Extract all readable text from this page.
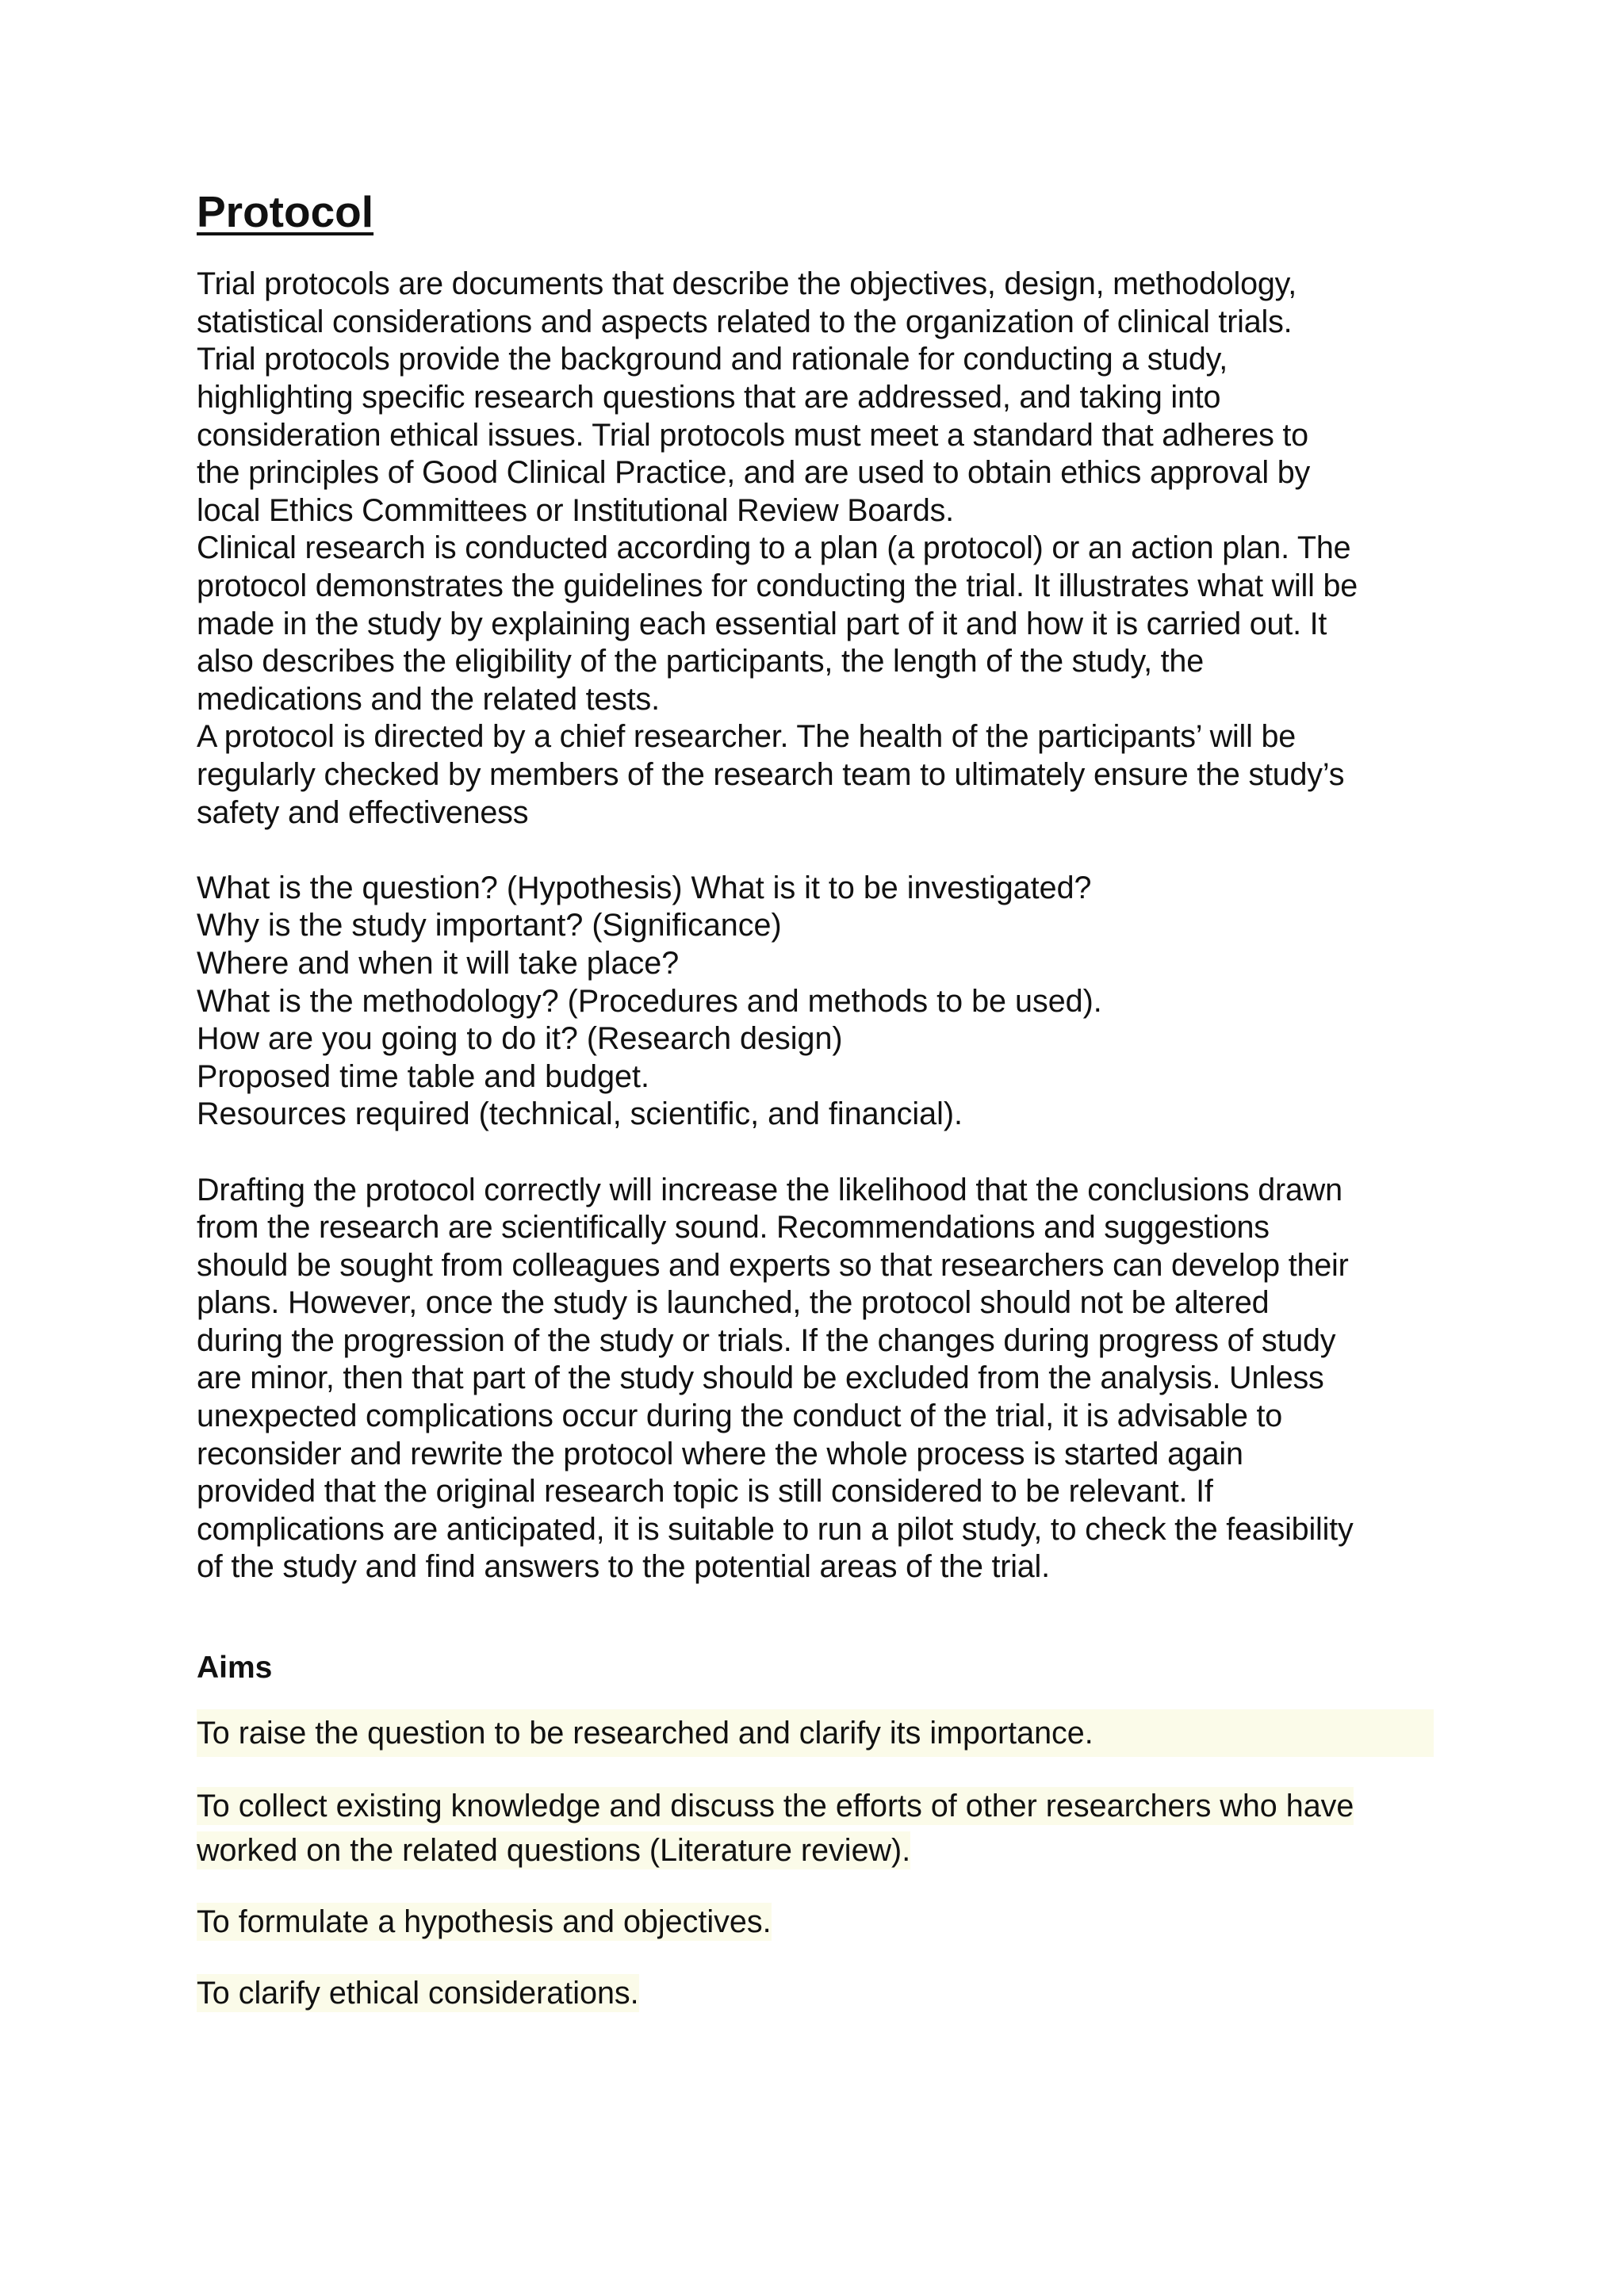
Protocol

Trial protocols are documents that describe the objectives, design, methodology,
statistical considerations and aspects related to the organization of clinical trials.
Trial protocols provide the background and rationale for conducting a study,
highlighting specific research questions that are addressed, and taking into
consideration ethical issues. Trial protocols must meet a standard that adheres to
the principles of Good Clinical Practice, and are used to obtain ethics approval by
local Ethics Committees or Institutional Review Boards.
Clinical research is conducted according to a plan (a protocol) or an action plan. The
protocol demonstrates the guidelines for conducting the trial. It illustrates what will be
made in the study by explaining each essential part of it and how it is carried out. It
also describes the eligibility of the participants, the length of the study, the
medications and the related tests.
A protocol is directed by a chief researcher. The health of the participants’ will be
regularly checked by members of the research team to ultimately ensure the study’s
safety and effectiveness

What is the question? (Hypothesis) What is it to be investigated?
Why is the study important? (Significance)
Where and when it will take place?
What is the methodology? (Procedures and methods to be used).
How are you going to do it? (Research design)
Proposed time table and budget.
Resources required (technical, scientific, and financial).

Drafting the protocol correctly will increase the likelihood that the conclusions drawn
from the research are scientifically sound. Recommendations and suggestions
should be sought from colleagues and experts so that researchers can develop their
plans. However, once the study is launched, the protocol should not be altered
during the progression of the study or trials. If the changes during progress of study
are minor, then that part of the study should be excluded from the analysis. Unless
unexpected complications occur during the conduct of the trial, it is advisable to
reconsider and rewrite the protocol where the whole process is started again
provided that the original research topic is still considered to be relevant. If
complications are anticipated, it is suitable to run a pilot study, to check the feasibility
of the study and find answers to the potential areas of the trial.

Aims
To raise the question to be researched and clarify its importance.
To collect existing knowledge and discuss the efforts of other researchers who have
worked on the related questions (Literature review).
To formulate a hypothesis and objectives.
To clarify ethical considerations.
